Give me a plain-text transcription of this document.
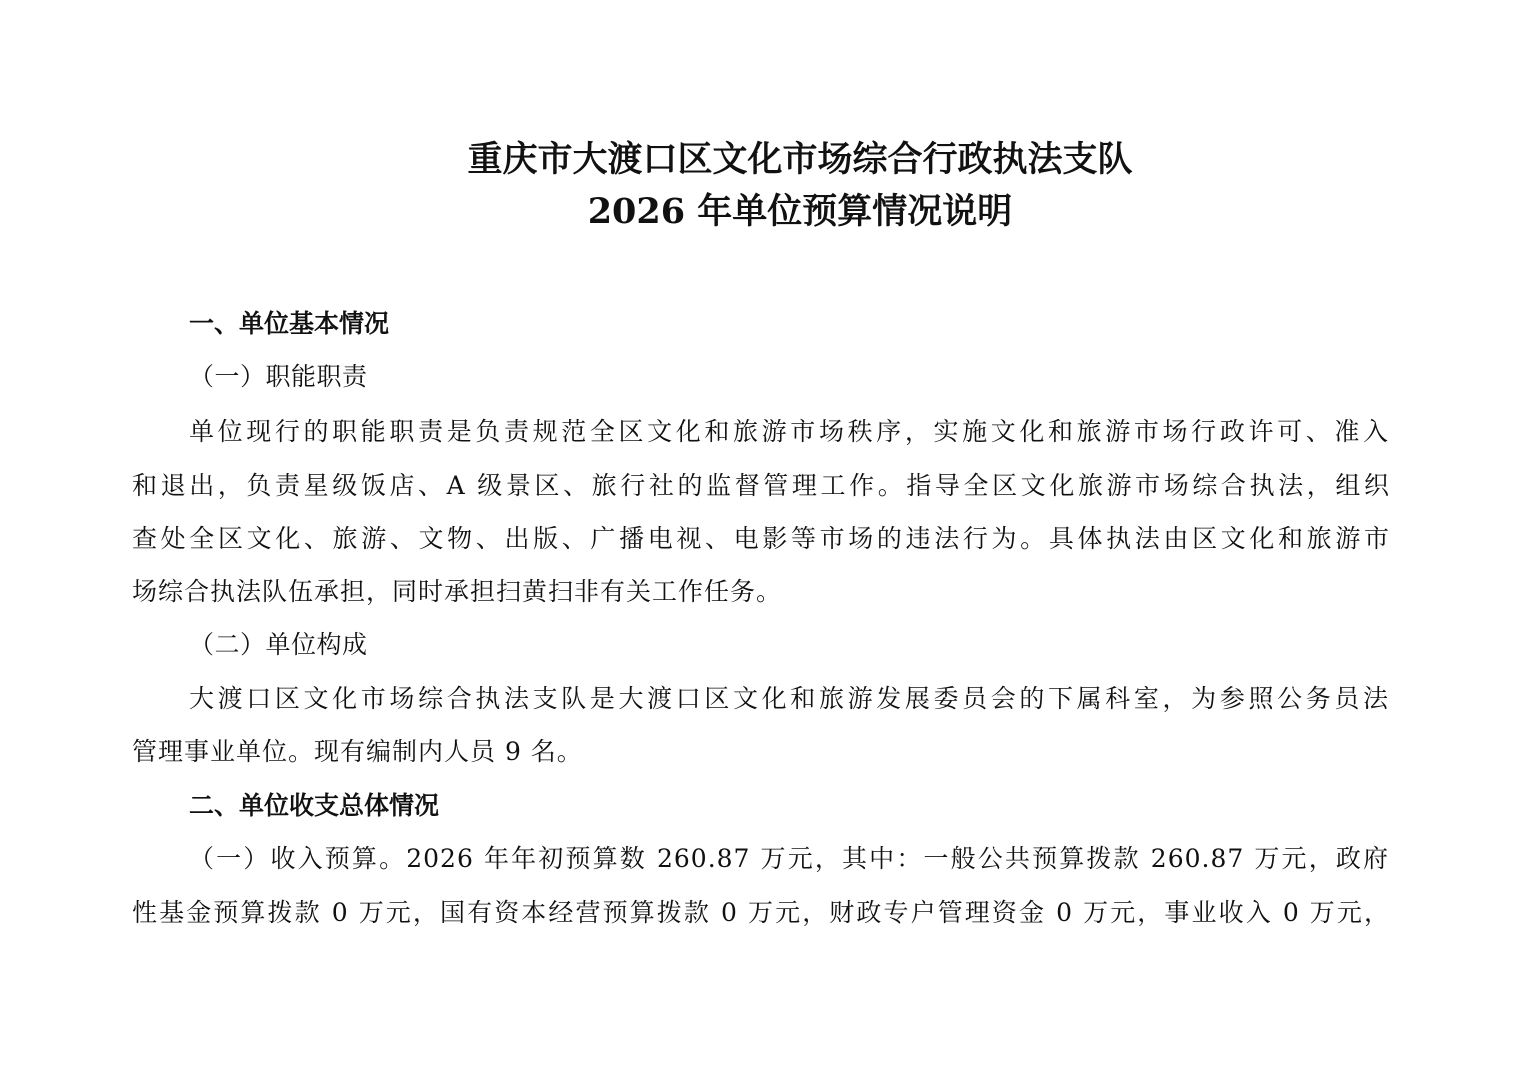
重庆市大渡口区文化市场综合行政执法支队
2026 年单位预算情况说明
一、单位基本情况
（一）职能职责
单位现行的职能职责是负责规范全区文化和旅游市场秩序，实施文化和旅游市场行政许可、准入
和退出，负责星级饭店、A 级景区、旅行社的监督管理工作。指导全区文化旅游市场综合执法，组织
查处全区文化、旅游、文物、出版、广播电视、电影等市场的违法行为。具体执法由区文化和旅游市
场综合执法队伍承担，同时承担扫黄扫非有关工作任务。
（二）单位构成
大渡口区文化市场综合执法支队是大渡口区文化和旅游发展委员会的下属科室，为参照公务员法
管理事业单位。现有编制内人员 9 名。
二、单位收支总体情况
（一）收入预算。2026 年年初预算数 260.87 万元，其中：一般公共预算拨款 260.87 万元，政府
性基金预算拨款 0 万元，国有资本经营预算拨款 0 万元，财政专户管理资金 0 万元，事业收入 0 万元，
